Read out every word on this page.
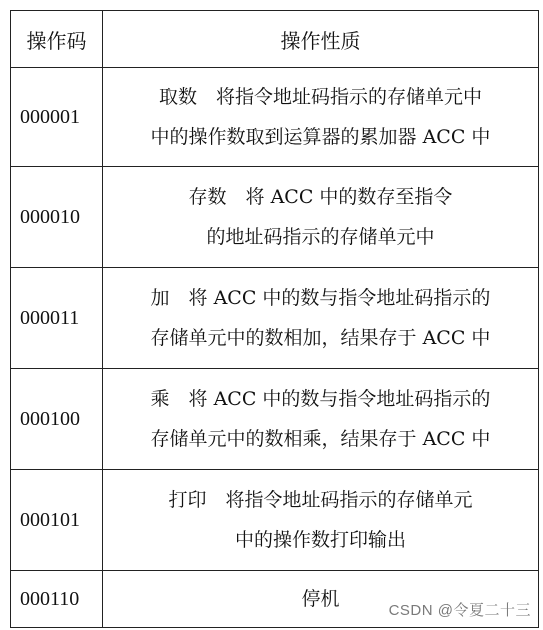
操作码	操作性质
000001	取数　将指令地址码指示的存储单元中
中的操作数取到运算器的累加器 ACC 中

000010	存数　将 ACC 中的数存至指令
的地址码指示的存储单元中

000011	加　将 ACC 中的数与指令地址码指示的
存储单元中的数相加，结果存于 ACC 中

000100	乘　将 ACC 中的数与指令地址码指示的
存储单元中的数相乘，结果存于 ACC 中

000101	打印　将指令地址码指示的存储单元
中的操作数打印输出

000110	停机
CSDN @令夏二十三
